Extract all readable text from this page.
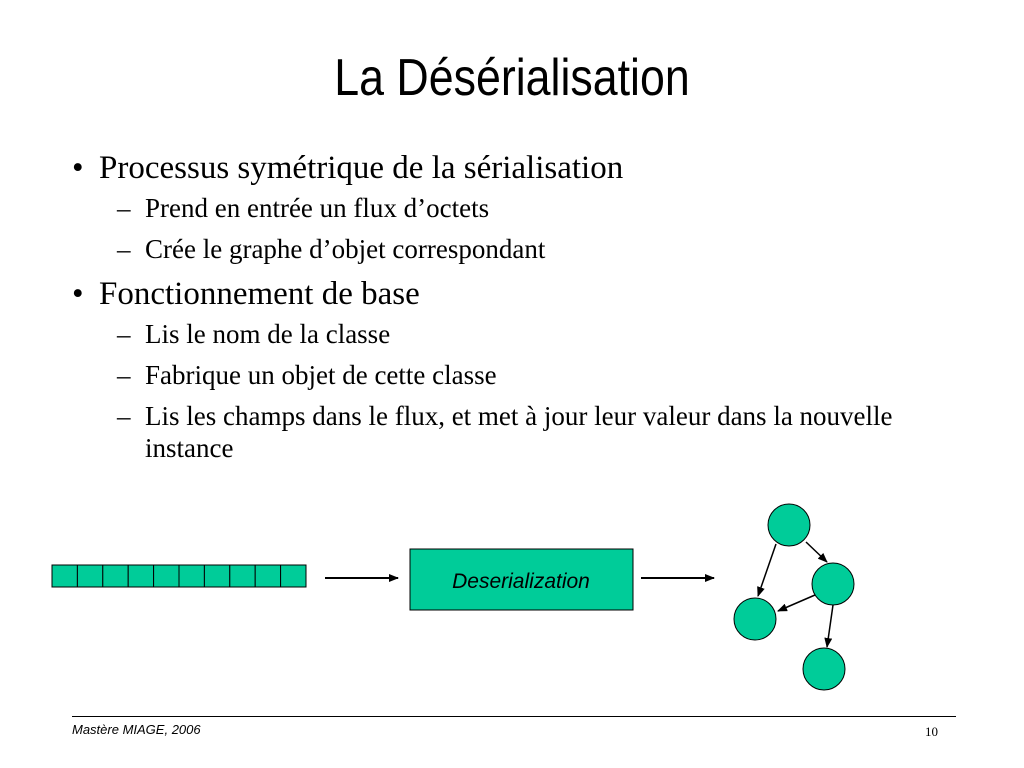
La Désérialisation
• Processus symétrique de la sérialisation
– Prend en entrée un flux d’octets
– Crée le graphe d’objet correspondant
• Fonctionnement de base
– Lis le nom de la classe
– Fabrique un objet de cette classe
– Lis les champs dans le flux, et met à jour leur valeur dans la nouvelle instance
Deserialization
Mastère MIAGE, 2006	10
